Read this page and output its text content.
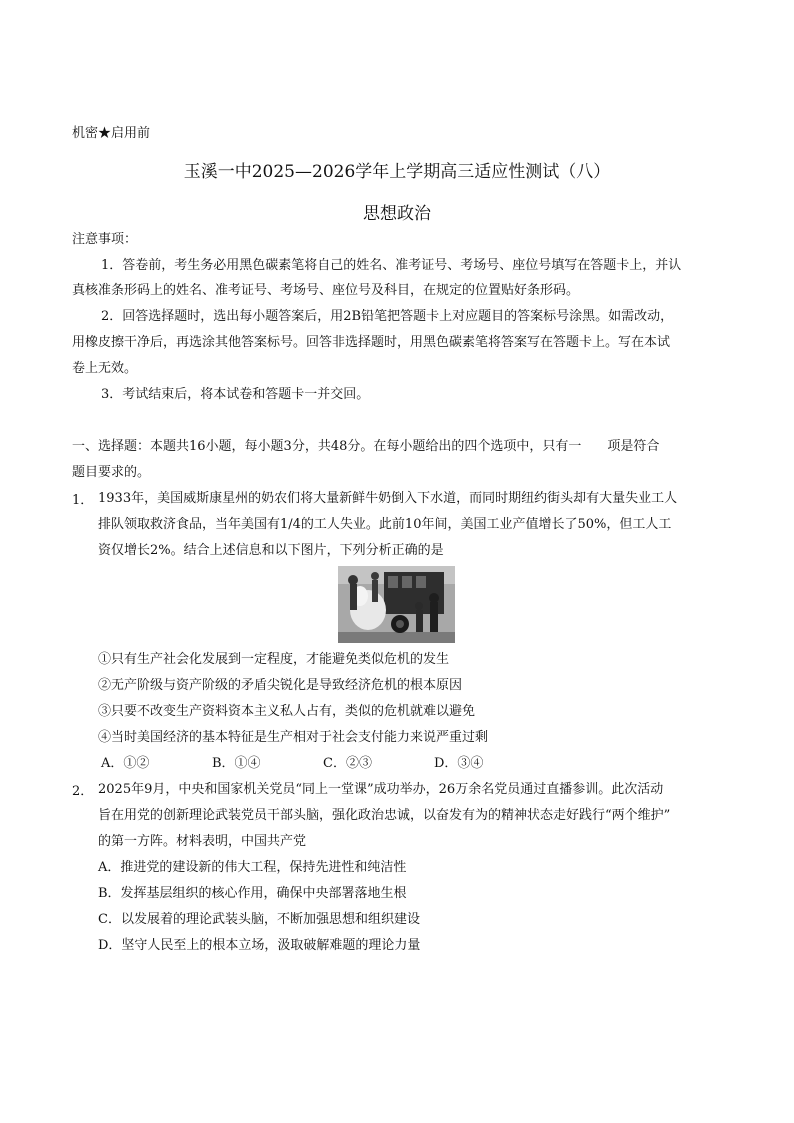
机密★启用前
玉溪一中2025—2026学年上学期高三适应性测试（八）
思想政治
注意事项：
1．答卷前，考生务必用黑色碳素笔将自己的姓名、准考证号、考场号、座位号填写在答题卡上，并认
真核准条形码上的姓名、准考证号、考场号、座位号及科目，在规定的位置贴好条形码。
2．回答选择题时，选出每小题答案后，用2B铅笔把答题卡上对应题目的答案标号涂黑。如需改动，
用橡皮擦干净后，再选涂其他答案标号。回答非选择题时，用黑色碳素笔将答案写在答题卡上。写在本试
卷上无效。
3．考试结束后，将本试卷和答题卡一并交回。
一、选择题：本题共16小题，每小题3分，共48分。在每小题给出的四个选项中，只有一　　项是符合
题目要求的。
1． 1933年，美国威斯康星州的奶农们将大量新鲜牛奶倒入下水道，而同时期纽约街头却有大量失业工人
排队领取救济食品，当年美国有1/4的工人失业。此前10年间，美国工业产值增长了50%，但工人工
资仅增长2%。结合上述信息和以下图片，下列分析正确的是
①只有生产社会化发展到一定程度，才能避免类似危机的发生
②无产阶级与资产阶级的矛盾尖锐化是导致经济危机的根本原因
③只要不改变生产资料资本主义私人占有，类似的危机就难以避免
④当时美国经济的基本特征是生产相对于社会支付能力来说严重过剩
A．①②	B．①④	C．②③	D．③④
2． 2025年9月，中央和国家机关党员“同上一堂课”成功举办，26万余名党员通过直播参训。此次活动
旨在用党的创新理论武装党员干部头脑，强化政治忠诚，以奋发有为的精神状态走好践行“两个维护”
的第一方阵。材料表明，中国共产党
A．推进党的建设新的伟大工程，保持先进性和纯洁性
B．发挥基层组织的核心作用，确保中央部署落地生根
C．以发展着的理论武装头脑，不断加强思想和组织建设
D．坚守人民至上的根本立场，汲取破解难题的理论力量
